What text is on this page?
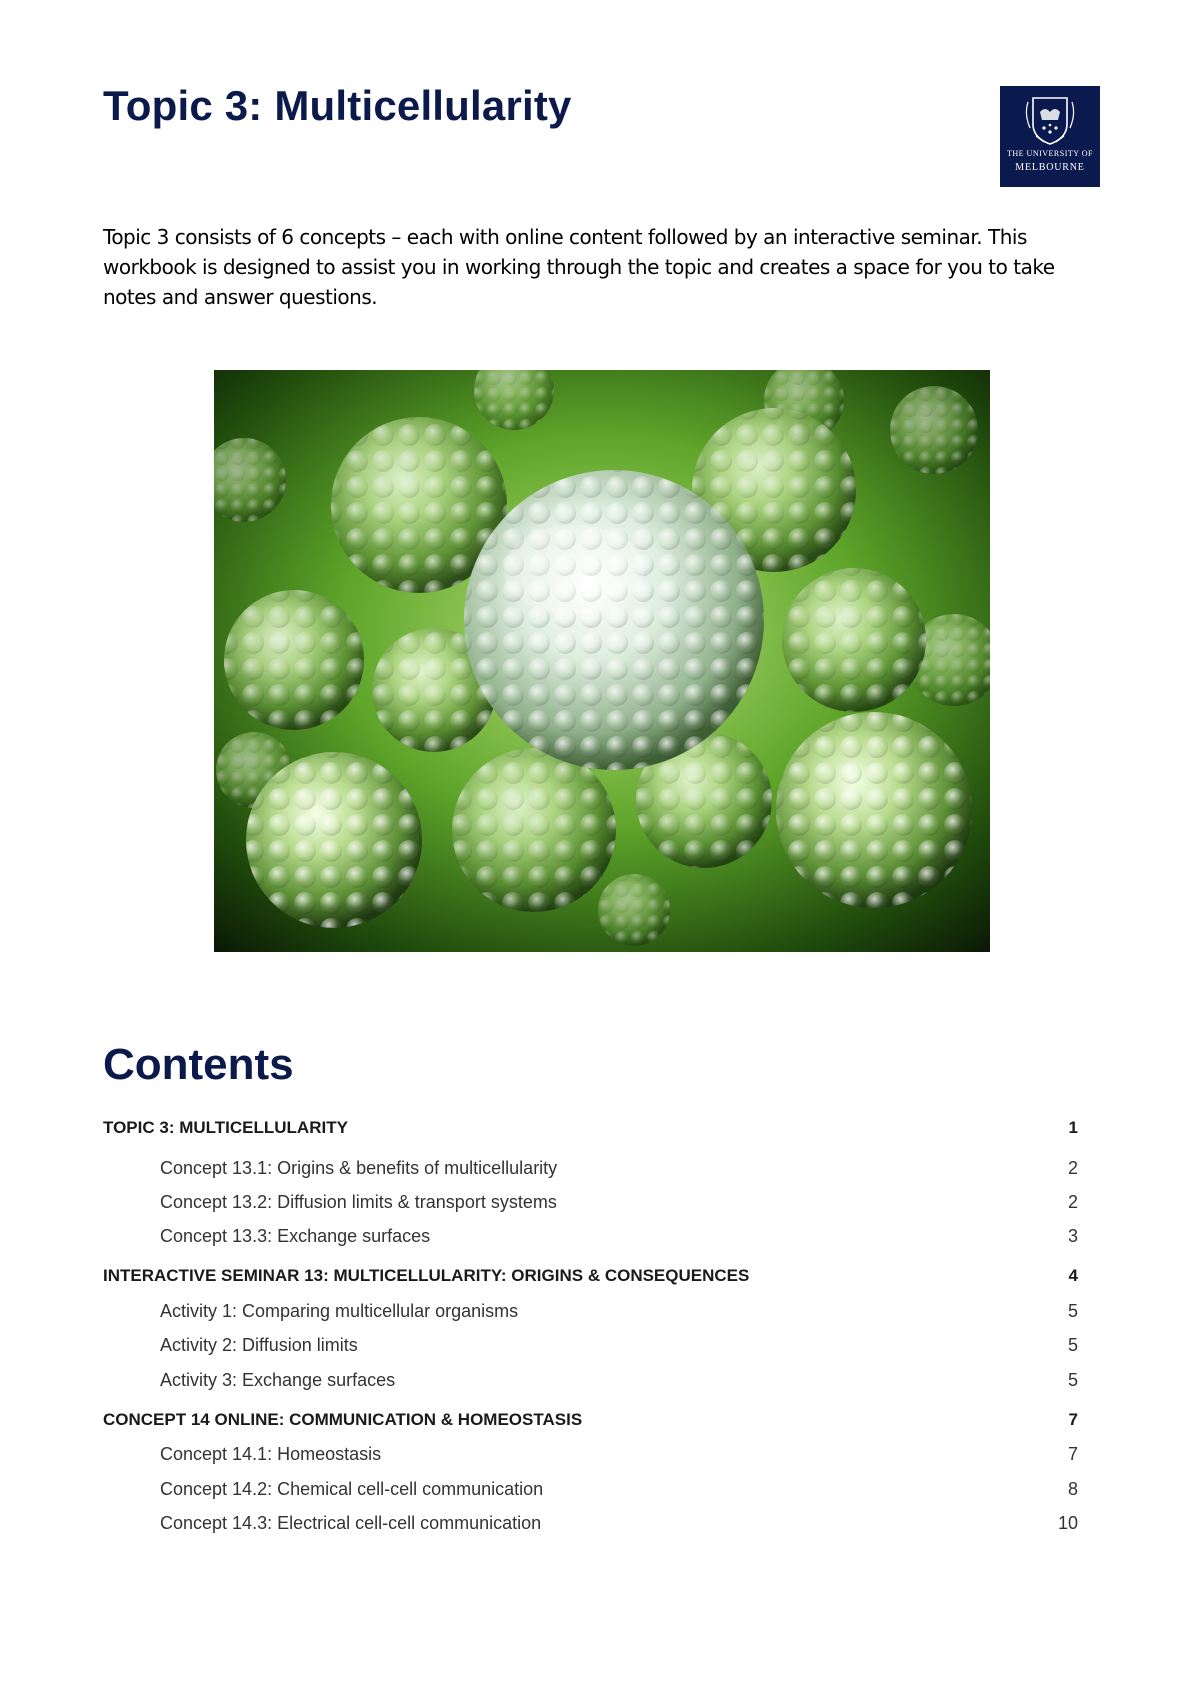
Topic 3: Multicellularity
THE UNIVERSITY OF
MELBOURNE

Topic 3 consists of 6 concepts – each with online content followed by an interactive seminar. This workbook is designed to assist you in working through the topic and creates a space for you to take notes and answer questions.

Contents
TOPIC 3: MULTICELLULARITY	1
Concept 13.1: Origins & benefits of multicellularity	2
Concept 13.2: Diffusion limits & transport systems	2
Concept 13.3: Exchange surfaces	3
INTERACTIVE SEMINAR 13: MULTICELLULARITY: ORIGINS & CONSEQUENCES	4
Activity 1: Comparing multicellular organisms	5
Activity 2: Diffusion limits	5
Activity 3: Exchange surfaces	5
CONCEPT 14 ONLINE: COMMUNICATION & HOMEOSTASIS	7
Concept 14.1: Homeostasis	7
Concept 14.2: Chemical cell-cell communication	8
Concept 14.3: Electrical cell-cell communication	10
